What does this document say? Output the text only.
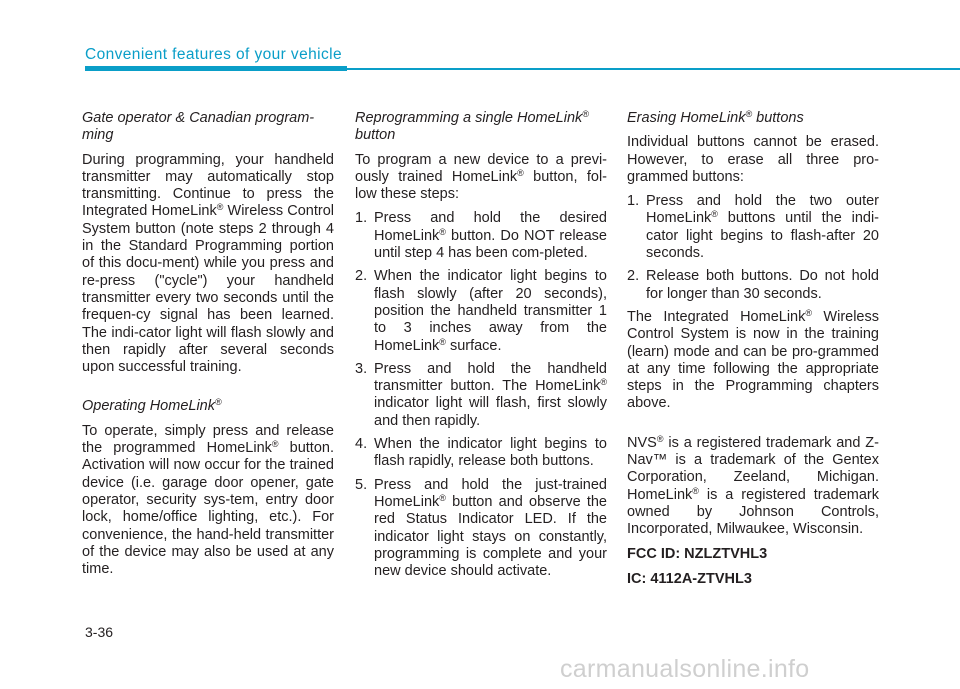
Convenient features of your vehicle
Gate operator & Canadian program-ming

During programming, your handheld transmitter may automatically stop transmitting. Continue to press the Integrated HomeLink® Wireless Control System button (note steps 2 through 4 in the Standard Programming portion of this docu-ment) while you press and re-press ("cycle") your handheld transmitter every two seconds until the frequen-cy signal has been learned. The indi-cator light will flash slowly and then rapidly after several seconds upon successful training.

Operating HomeLink®

To operate, simply press and release the programmed HomeLink® button. Activation will now occur for the trained device (i.e. garage door opener, gate operator, security sys-tem, entry door lock, home/office lighting, etc.). For convenience, the hand-held transmitter of the device may also be used at any time.

Reprogramming a single HomeLink® button

To program a new device to a previ-ously trained HomeLink® button, fol-low these steps:

1. Press and hold the desired HomeLink® button. Do NOT release until step 4 has been com-pleted.
2. When the indicator light begins to flash slowly (after 20 seconds), position the handheld transmitter 1 to 3 inches away from the HomeLink® surface.
3. Press and hold the handheld transmitter button. The HomeLink® indicator light will flash, first slowly and then rapidly.
4. When the indicator light begins to flash rapidly, release both buttons.
5. Press and hold the just-trained HomeLink® button and observe the red Status Indicator LED. If the indicator light stays on constantly, programming is complete and your new device should activate.
Erasing HomeLink® buttons

Individual buttons cannot be erased. However, to erase all three pro-grammed buttons:

1. Press and hold the two outer HomeLink® buttons until the indi-cator light begins to flash-after 20 seconds.
2. Release both buttons. Do not hold for longer than 30 seconds.

The Integrated HomeLink® Wireless Control System is now in the training (learn) mode and can be pro-grammed at any time following the appropriate steps in the Programming chapters above.

NVS® is a registered trademark and Z-Nav™ is a trademark of the Gentex Corporation, Zeeland, Michigan. HomeLink® is a registered trademark owned by Johnson Controls, Incorporated, Milwaukee, Wisconsin.

FCC ID: NZLZTVHL3
IC: 4112A-ZTVHL3
3-36
carmanualsonline.info
